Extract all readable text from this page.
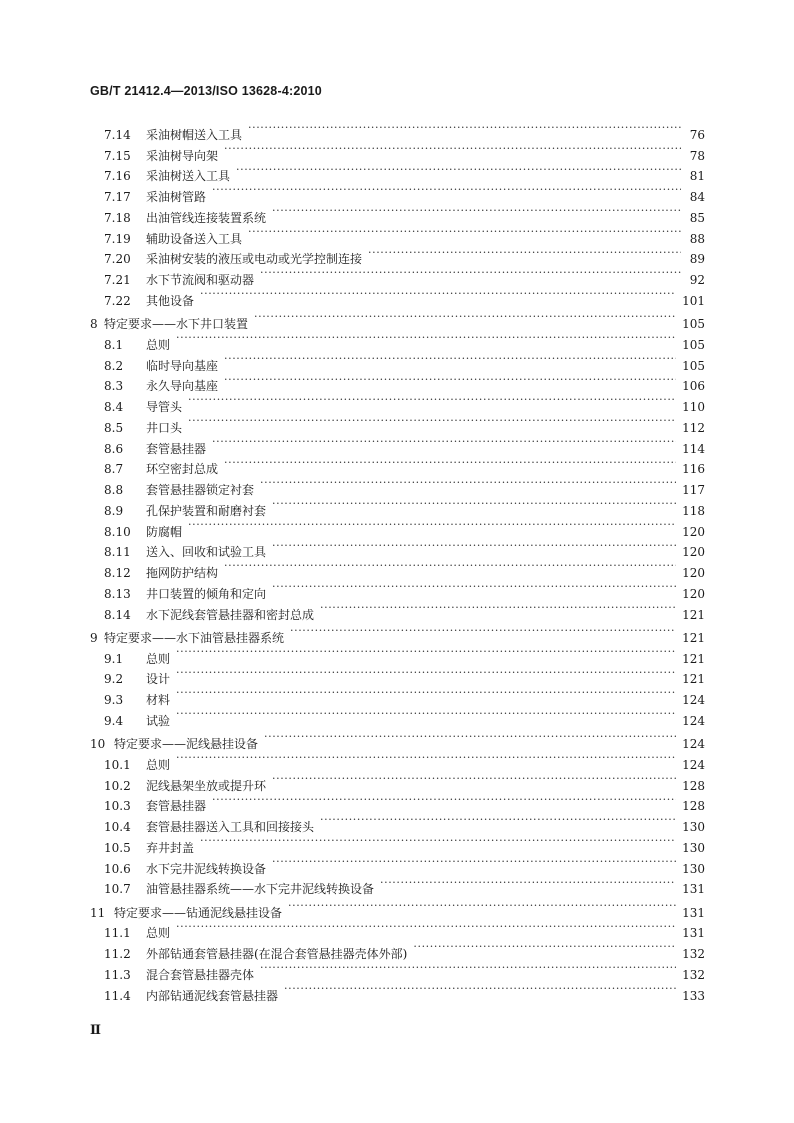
GB/T 21412.4—2013/ISO 13628-4:2010
7.14	采油树帽送入工具 ·····	76
7.15	采油树导向架 ·····	78
7.16	采油树送入工具 ·····	81
7.17	采油树管路 ·····	84
7.18	出油管线连接装置系统 ·····	85
7.19	辅助设备送入工具 ·····	88
7.20	采油树安装的液压或电动或光学控制连接 ·····	89
7.21	水下节流阀和驱动器 ·····	92
7.22	其他设备 ·····	101
8 特定要求——水下井口装置 ·····	105
8.1	总则 ·····	105
8.2	临时导向基座 ·····	105
8.3	永久导向基座 ·····	106
8.4	导管头 ·····	110
8.5	井口头 ·····	112
8.6	套管悬挂器 ·····	114
8.7	环空密封总成 ·····	116
8.8	套管悬挂器锁定衬套 ·····	117
8.9	孔保护装置和耐磨衬套 ·····	118
8.10	防腐帽 ·····	120
8.11	送入、回收和试验工具 ·····	120
8.12	拖网防护结构 ·····	120
8.13	井口装置的倾角和定向 ·····	120
8.14	水下泥线套管悬挂器和密封总成 ·····	121
9 特定要求——水下油管悬挂器系统 ·····	121
9.1	总则 ·····	121
9.2	设计 ·····	121
9.3	材料 ·····	124
9.4	试验 ·····	124
10 特定要求——泥线悬挂设备 ·····	124
10.1	总则 ·····	124
10.2	泥线悬架坐放或提升环 ·····	128
10.3	套管悬挂器 ·····	128
10.4	套管悬挂器送入工具和回接接头 ·····	130
10.5	弃井封盖 ·····	130
10.6	水下完井泥线转换设备 ·····	130
10.7	油管悬挂器系统——水下完井泥线转换设备 ·····	131
11 特定要求——钻通泥线悬挂设备 ·····	131
11.1	总则 ·····	131
11.2	外部钻通套管悬挂器(在混合套管悬挂器壳体外部) ·····	132
11.3	混合套管悬挂器壳体 ·····	132
11.4	内部钻通泥线套管悬挂器 ·····	133
Ⅱ
